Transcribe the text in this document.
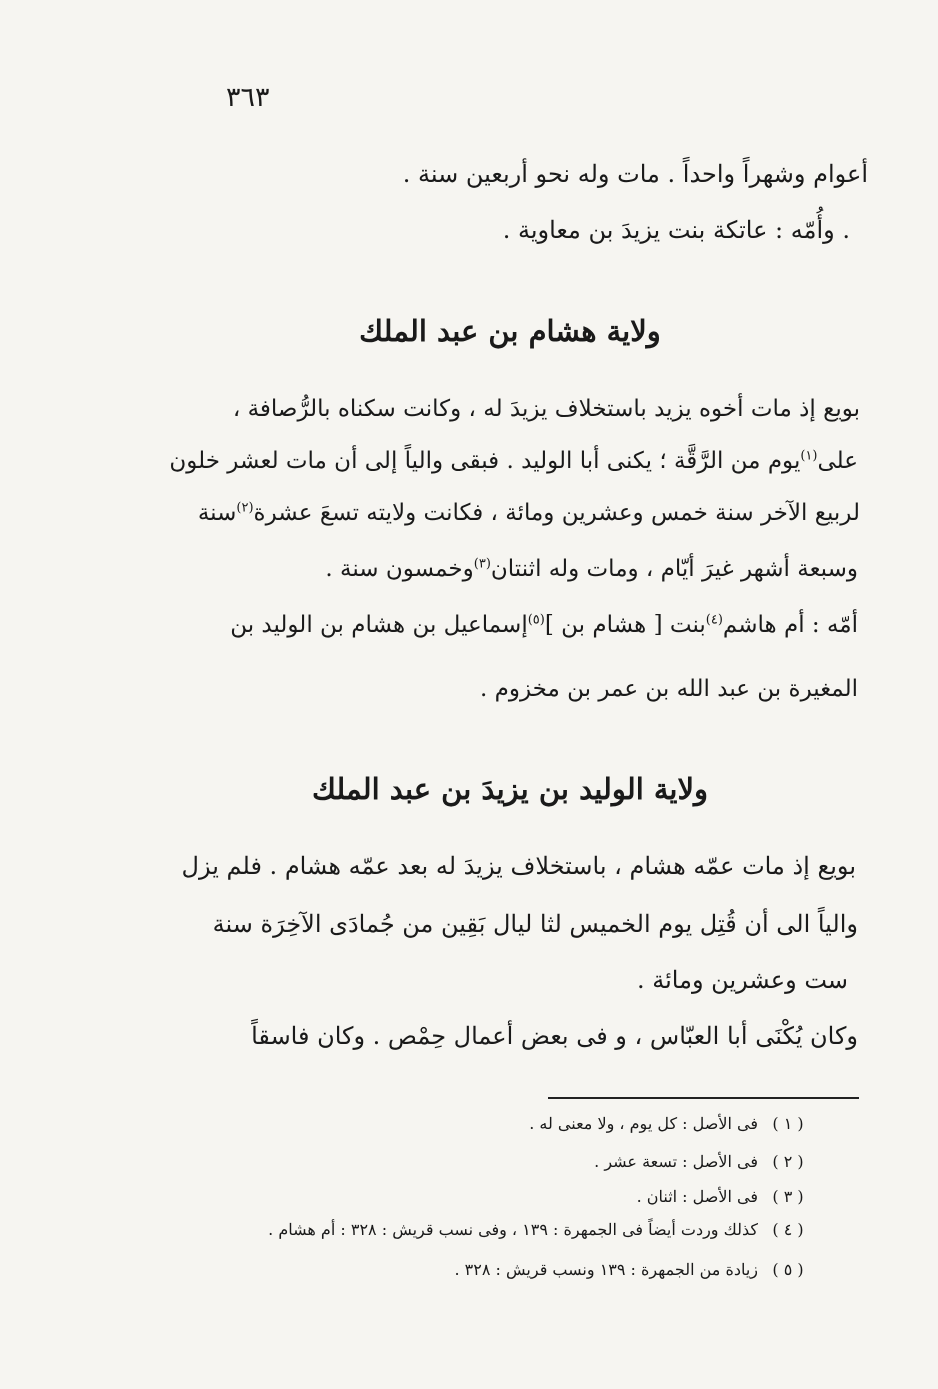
٣٦٣
أعوام وشهراً واحداً . مات وله نحو أربعين سنة .
. وأُمّه : عاتكة بنت يزيدَ بن معاوية .
ولاية هشام بن عبد الملك
بويع إذ مات أخوه يزيد باستخلاف يزيدَ له ، وكانت سكناه بالرُّصافة ،
على$^{(١)}$يوم من الرَّقَّة ؛ يكنى أبا الوليد . فبقى والياً إلى أن مات لعشر خلون
لربيع الآخر سنة خمس وعشرين ومائة ، فكانت ولايته تسعَ عشرة$^{(٢)}$سنة
وسبعة أشهر غيرَ أيّام ، ومات وله اثنتان$^{(٣)}$وخمسون سنة .
أمّه : أم هاشم$^{(٤)}$بنت [ هشام بن ]$^{(٥)}$إسماعيل بن هشام بن الوليد بن
المغيرة بن عبد الله بن عمر بن مخزوم .
ولاية الوليد بن يزيدَ بن عبد الملك
بويع إذ مات عمّه هشام ، باستخلاف يزيدَ له بعد عمّه هشام . فلم يزل
والياً الى أن قُتِل يوم الخميس لثا ليال بَقِين من جُمادَى الآخِرَة سنة
ست وعشرين ومائة .
وكان يُكْنَى أبا العبّاس ، و فى بعض أعمال حِمْص . وكان فاسقاً
( ١ )فى الأصل : كل يوم ، ولا معنى له .
( ٢ )فى الأصل : تسعة عشر .
( ٣ )فى الأصل : اثنان .
( ٤ )كذلك وردت أيضاً فى الجمهرة : ١٣٩ ، وفى نسب قريش : ٣٢٨ : أم هشام .
( ٥ )زيادة من الجمهرة : ١٣٩ ونسب قريش : ٣٢٨ .
